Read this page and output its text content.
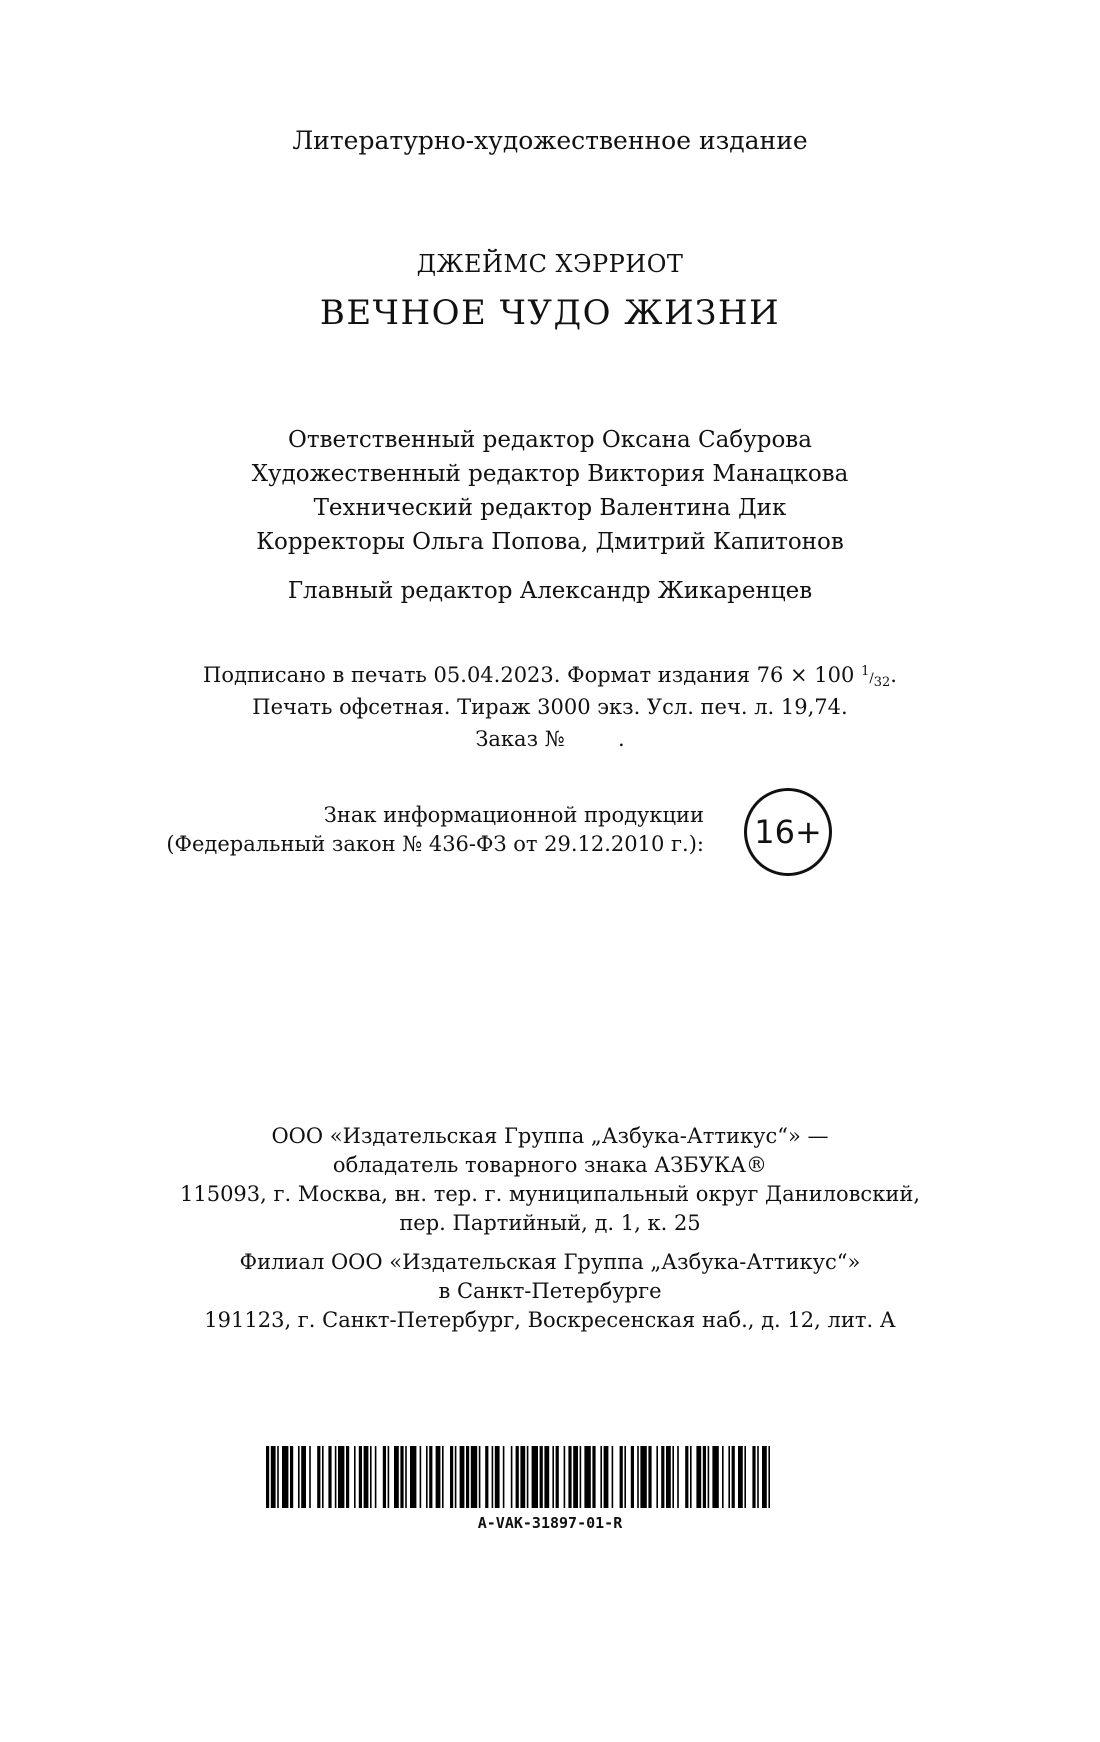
Литературно-художественное издание
ДЖЕЙМС ХЭРРИОТ
ВЕЧНОЕ ЧУДО ЖИЗНИ
Ответственный редактор Оксана Сабурова
Художественный редактор Виктория Манацкова
Технический редактор Валентина Дик
Корректоры Ольга Попова, Дмитрий Капитонов
Главный редактор Александр Жикаренцев
Подписано в печать 05.04.2023. Формат издания 76 × 100 1/32.
Печать офсетная. Тираж 3000 экз. Усл. печ. л. 19,74.
Заказ №        .
Знак информационной продукции
(Федеральный закон № 436-ФЗ от 29.12.2010 г.):	16+
ООО «Издательская Группа „Азбука-Аттикус“» —
обладатель товарного знака АЗБУКА®
115093, г. Москва, вн. тер. г. муниципальный округ Даниловский,
пер. Партийный, д. 1, к. 25
Филиал ООО «Издательская Группа „Азбука-Аттикус“»
в Санкт-Петербурге
191123, г. Санкт-Петербург, Воскресенская наб., д. 12, лит. А
A-VAK-31897-01-R
